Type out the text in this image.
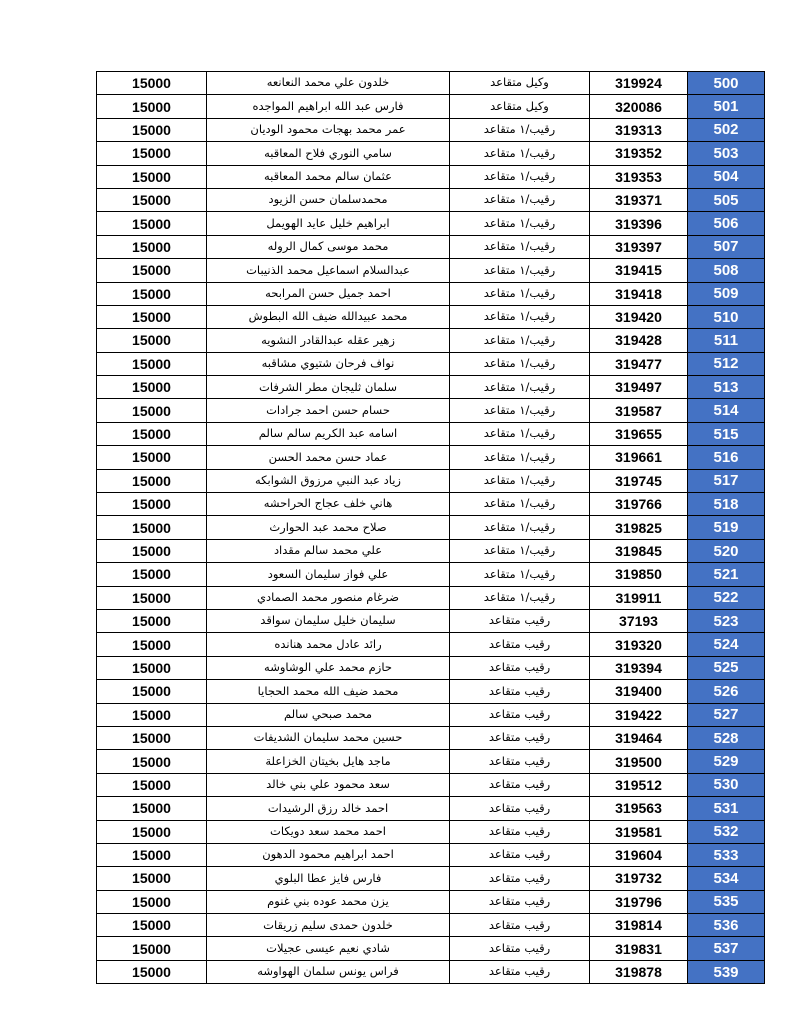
15000	خلدون علي محمد النعانعه	وكيل متقاعد	319924	500
15000	فارس عبد الله ابراهيم المواجده	وكيل متقاعد	320086	501
15000	عمر محمد بهجات محمود الوديان	رقيب/١ متقاعد	319313	502
15000	سامي النوري فلاح المعاقبه	رقيب/١ متقاعد	319352	503
15000	عثمان سالم محمد المعاقبه	رقيب/١ متقاعد	319353	504
15000	محمدسلمان حسن الزيود	رقيب/١ متقاعد	319371	505
15000	ابراهيم خليل عايد الهويمل	رقيب/١ متقاعد	319396	506
15000	محمد موسى كمال الروله	رقيب/١ متقاعد	319397	507
15000	عبدالسلام اسماعيل محمد الذنيبات	رقيب/١ متقاعد	319415	508
15000	احمد جميل حسن المرابحه	رقيب/١ متقاعد	319418	509
15000	محمد عبيدالله ضيف الله البطوش	رقيب/١ متقاعد	319420	510
15000	زهير عقله عبدالقادر النشويه	رقيب/١ متقاعد	319428	511
15000	نواف فرحان شتيوي مشاقبه	رقيب/١ متقاعد	319477	512
15000	سلمان ثليجان مطر الشرفات	رقيب/١ متقاعد	319497	513
15000	حسام حسن احمد جرادات	رقيب/١ متقاعد	319587	514
15000	اسامه عبد الكريم سالم سالم	رقيب/١ متقاعد	319655	515
15000	عماد حسن محمد الحسن	رقيب/١ متقاعد	319661	516
15000	زياد عبد النبي مرزوق الشوابكه	رقيب/١ متقاعد	319745	517
15000	هاني خلف عجاج الحراحشه	رقيب/١ متقاعد	319766	518
15000	صلاح محمد عبد الحوارث	رقيب/١ متقاعد	319825	519
15000	علي محمد سالم مقداد	رقيب/١ متقاعد	319845	520
15000	علي فواز سليمان السعود	رقيب/١ متقاعد	319850	521
15000	ضرغام منصور محمد الصمادي	رقيب/١ متقاعد	319911	522
15000	سليمان خليل سليمان سواقد	رقيب متقاعد	37193	523
15000	رائد عادل محمد هنانده	رقيب متقاعد	319320	524
15000	حازم محمد علي الوشاوشه	رقيب متقاعد	319394	525
15000	محمد ضيف الله محمد الحجايا	رقيب متقاعد	319400	526
15000	محمد صبحي سالم	رقيب متقاعد	319422	527
15000	حسين محمد سليمان الشديفات	رقيب متقاعد	319464	528
15000	ماجد هايل بخيتان الخزاعلة	رقيب متقاعد	319500	529
15000	سعد محمود علي بني خالد	رقيب متقاعد	319512	530
15000	احمد خالد رزق الرشيدات	رقيب متقاعد	319563	531
15000	احمد محمد سعد دويكات	رقيب متقاعد	319581	532
15000	احمد ابراهيم محمود الدهون	رقيب متقاعد	319604	533
15000	فارس فايز عطا البلوي	رقيب متقاعد	319732	534
15000	يزن محمد عوده بني غنوم	رقيب متقاعد	319796	535
15000	خلدون حمدى سليم زريقات	رقيب متقاعد	319814	536
15000	شادي نعيم عيسى عجيلات	رقيب متقاعد	319831	537
15000	فراس يونس سلمان الهواوشه	رقيب متقاعد	319878	539
